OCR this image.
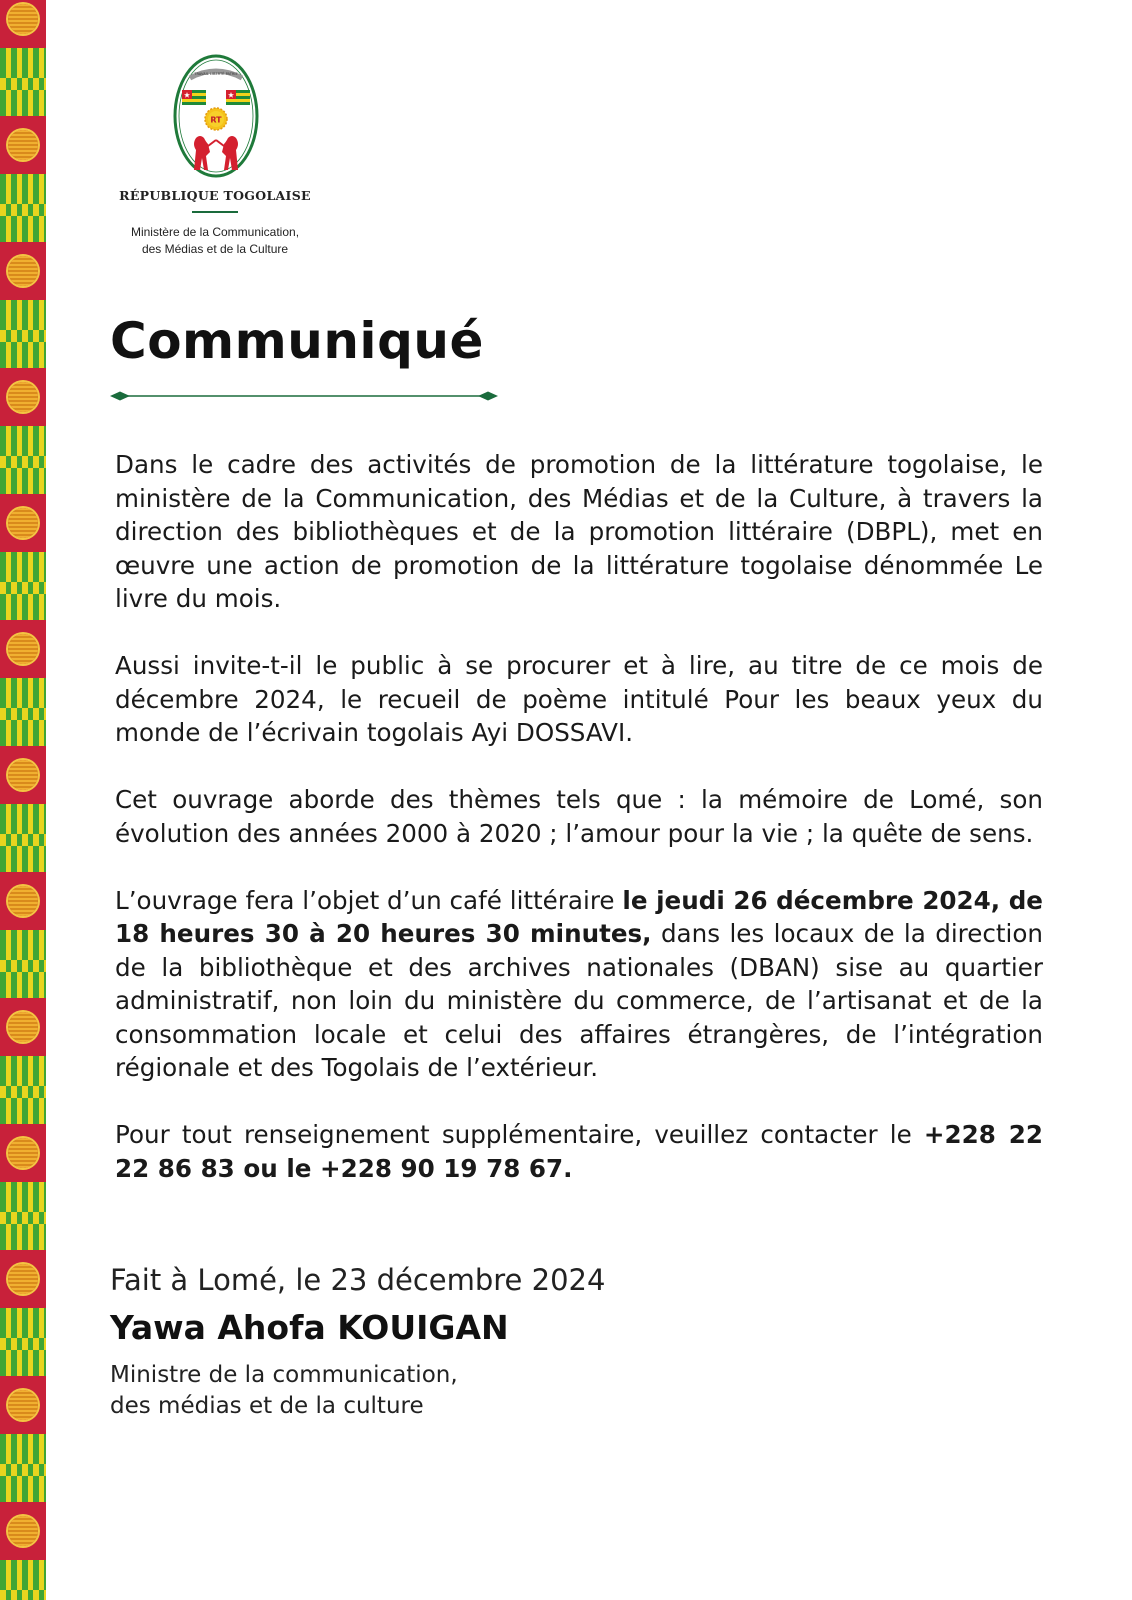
TRAVAIL LIBERTÉ PATRIE
RT
RÉPUBLIQUE TOGOLAISE
Ministère de la Communication,
des Médias et de la Culture
Communiqué

Dans le cadre des activités de promotion de la littérature togolaise, le ministère de la Communication, des Médias et de la Culture, à travers la direction des bibliothèques et de la promotion littéraire (DBPL), met en œuvre une action de promotion de la littérature togolaise dénommée Le livre du mois.

Aussi invite-t-il le public à se procurer et à lire, au titre de ce mois de décembre 2024, le recueil de poème intitulé Pour les beaux yeux du monde de l’écrivain togolais Ayi DOSSAVI.

Cet ouvrage aborde des thèmes tels que : la mémoire de Lomé, son évolution des années 2000 à 2020 ; l’amour pour la vie ; la quête de sens.

L’ouvrage fera l’objet d’un café littéraire le jeudi 26 décembre 2024, de 18 heures 30 à 20 heures 30 minutes, dans les locaux de la direction de la bibliothèque et des archives nationales (DBAN) sise au quartier administratif, non loin du ministère du commerce, de l’artisanat et de la consommation locale et celui des affaires étrangères, de l’intégration régionale et des Togolais de l’extérieur.

Pour tout renseignement supplémentaire, veuillez contacter le +228 22 22 86 83 ou le +228 90 19 78 67.

Fait à Lomé, le 23 décembre 2024
Yawa Ahofa KOUIGAN
Ministre de la communication,
des médias et de la culture
